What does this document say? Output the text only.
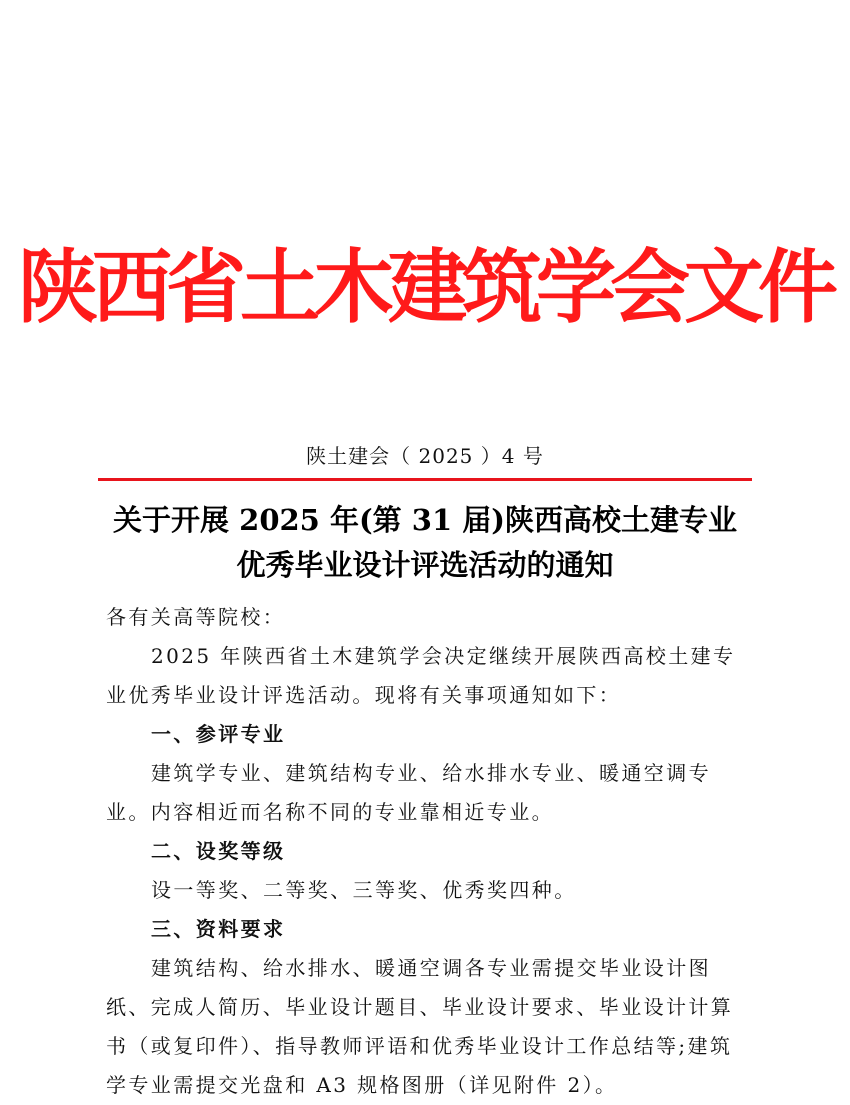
陕西省土木建筑学会文件
陕土建会（ 2025 ）4 号
关于开展 2025 年(第 31 届)陕西高校土建专业
优秀毕业设计评选活动的通知

各有关高等院校：

2025 年陕西省土木建筑学会决定继续开展陕西高校土建专业优秀毕业设计评选活动。现将有关事项通知如下：

一、参评专业

建筑学专业、建筑结构专业、给水排水专业、暖通空调专业。内容相近而名称不同的专业靠相近专业。

二、设奖等级

设一等奖、二等奖、三等奖、优秀奖四种。

三、资料要求

建筑结构、给水排水、暖通空调各专业需提交毕业设计图纸、完成人简历、毕业设计题目、毕业设计要求、毕业设计计算书（或复印件）、指导教师评语和优秀毕业设计工作总结等;建筑学专业需提交光盘和 A3 规格图册（详见附件 2）。
